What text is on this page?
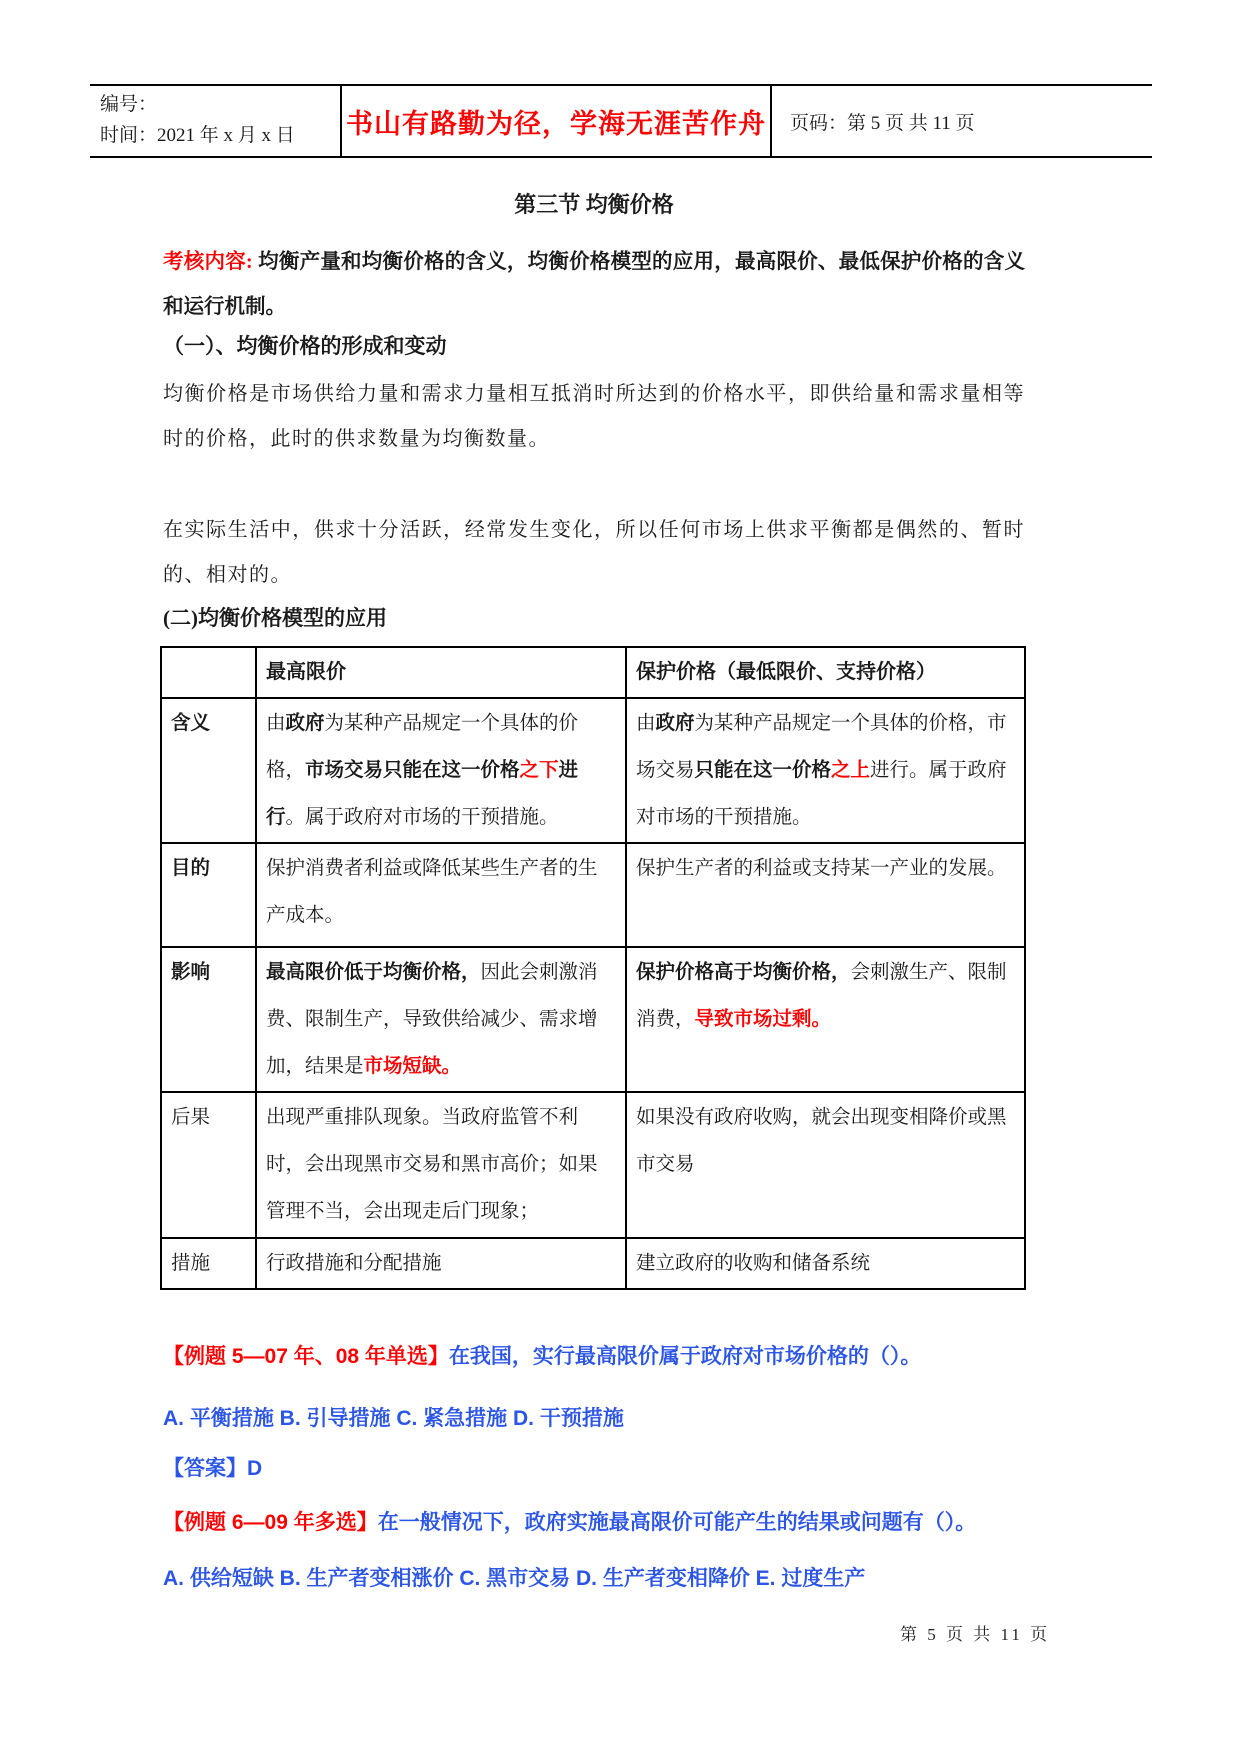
编号：
时间：2021 年 x 月 x 日	书山有路勤为径，学海无涯苦作舟	页码：第 5 页 共 11 页
第三节 均衡价格
考核内容: 均衡产量和均衡价格的含义，均衡价格模型的应用，最高限价、最低保护价格的含义和运行机制。
（一）、均衡价格的形成和变动
均衡价格是市场供给力量和需求力量相互抵消时所达到的价格水平，即供给量和需求量相等时的价格，此时的供求数量为均衡数量。
在实际生活中，供求十分活跃，经常发生变化，所以任何市场上供求平衡都是偶然的、暂时的、相对的。
(二)均衡价格模型的应用
	最高限价	保护价格（最低限价、支持价格）
含义	由政府为某种产品规定一个具体的价格，市场交易只能在这一价格之下进行。属于政府对市场的干预措施。	由政府为某种产品规定一个具体的价格，市场交易只能在这一价格之上进行。属于政府对市场的干预措施。
目的	保护消费者利益或降低某些生产者的生产成本。	保护生产者的利益或支持某一产业的发展。
影响	最高限价低于均衡价格，因此会刺激消费、限制生产，导致供给减少、需求增加，结果是市场短缺。	保护价格高于均衡价格，会刺激生产、限制消费，导致市场过剩。
后果	出现严重排队现象。当政府监管不利时，会出现黑市交易和黑市高价；如果管理不当，会出现走后门现象；	如果没有政府收购，就会出现变相降价或黑市交易
措施	行政措施和分配措施	建立政府的收购和储备系统
【例题 5—07 年、08 年单选】在我国，实行最高限价属于政府对市场价格的（）。
A. 平衡措施 B. 引导措施 C. 紧急措施 D. 干预措施
【答案】D
【例题 6—09 年多选】在一般情况下，政府实施最高限价可能产生的结果或问题有（）。
A. 供给短缺 B. 生产者变相涨价 C. 黑市交易 D. 生产者变相降价 E. 过度生产
第 5 页 共 11 页
